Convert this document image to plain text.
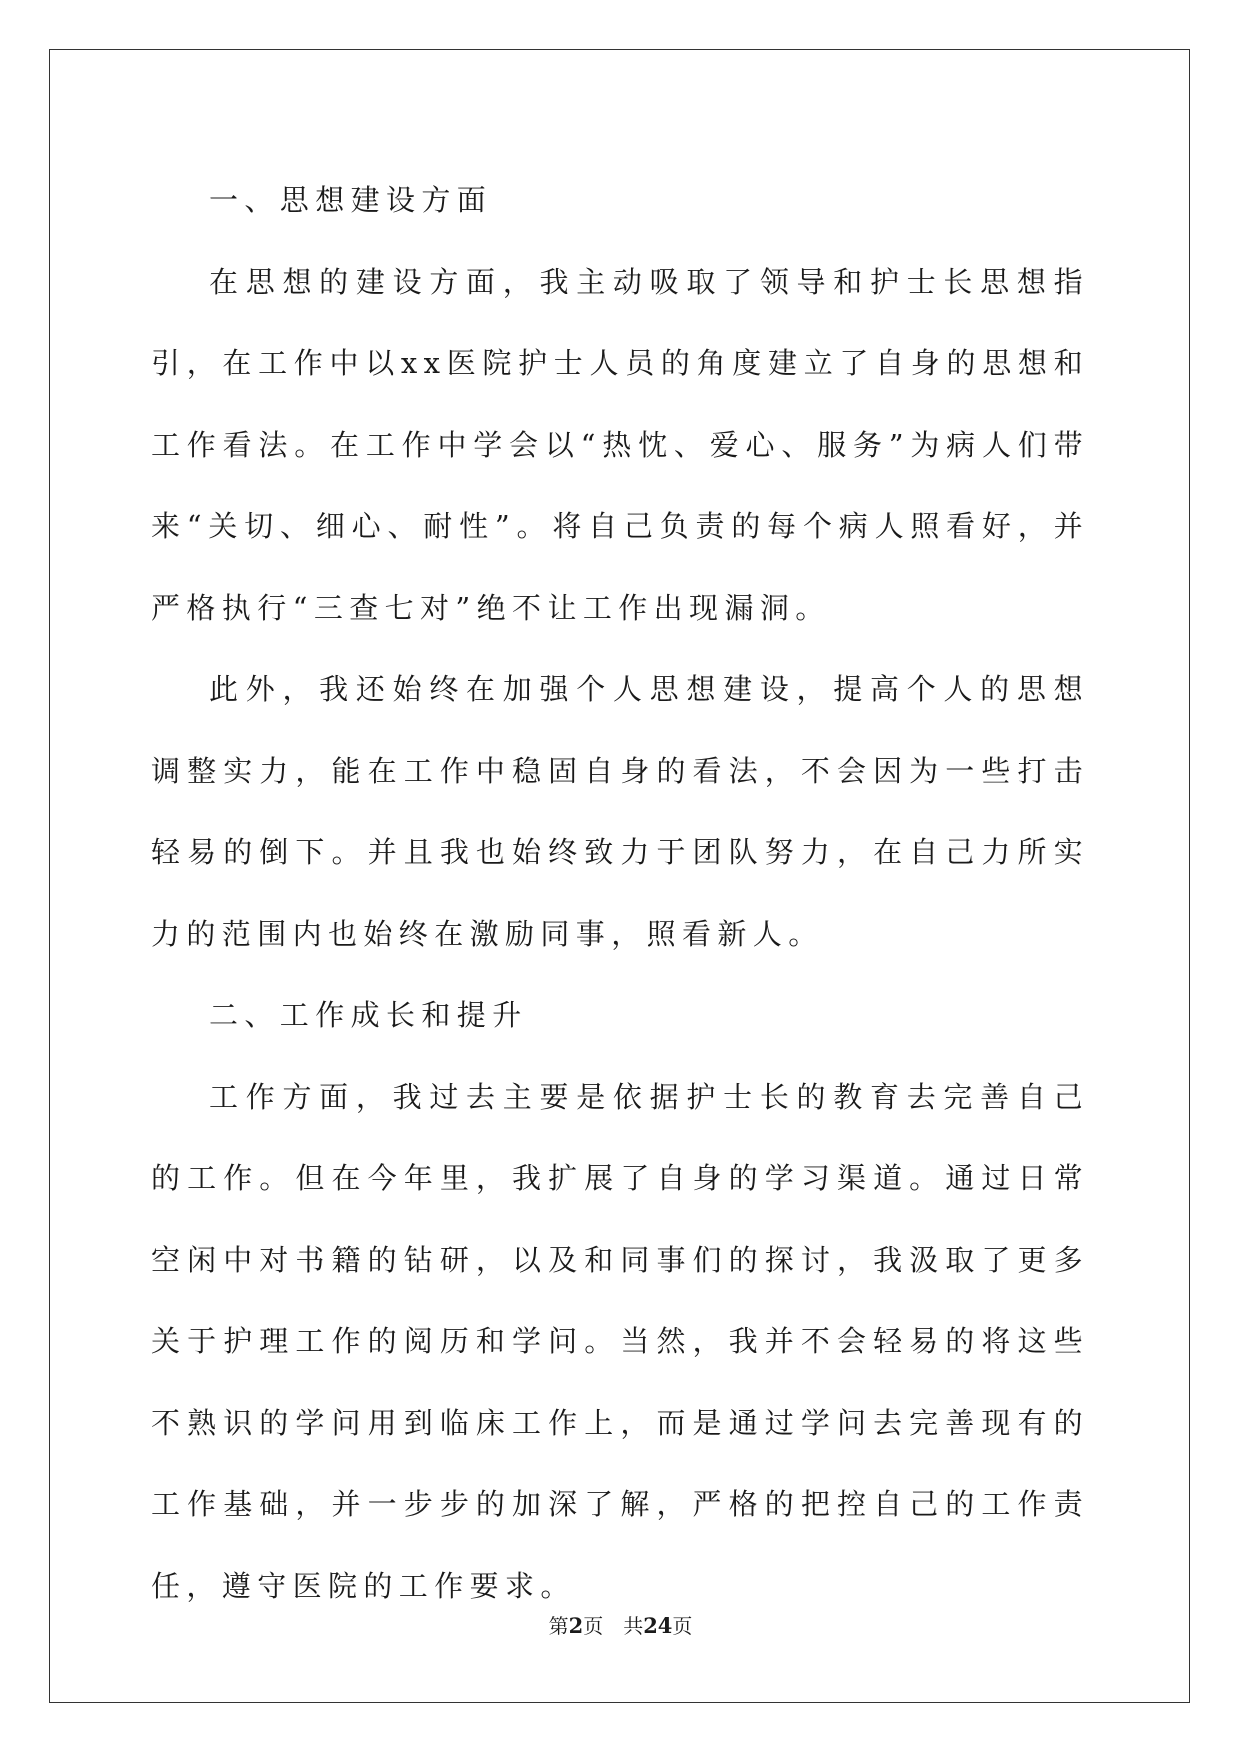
一、思想建设方面

在思想的建设方面，我主动吸取了领导和护士长思想指引，在工作中以xx医院护士人员的角度建立了自身的思想和工作看法。在工作中学会以“热忱、爱心、服务”为病人们带来“关切、细心、耐性”。将自己负责的每个病人照看好，并严格执行“三查七对”绝不让工作出现漏洞。

此外，我还始终在加强个人思想建设，提高个人的思想调整实力，能在工作中稳固自身的看法，不会因为一些打击轻易的倒下。并且我也始终致力于团队努力，在自己力所实力的范围内也始终在激励同事，照看新人。

二、工作成长和提升

工作方面，我过去主要是依据护士长的教育去完善自己的工作。但在今年里，我扩展了自身的学习渠道。通过日常空闲中对书籍的钻研，以及和同事们的探讨，我汲取了更多关于护理工作的阅历和学问。当然，我并不会轻易的将这些不熟识的学问用到临床工作上，而是通过学问去完善现有的工作基础，并一步步的加深了解，严格的把控自己的工作责任，遵守医院的工作要求。

第2页 共24页
